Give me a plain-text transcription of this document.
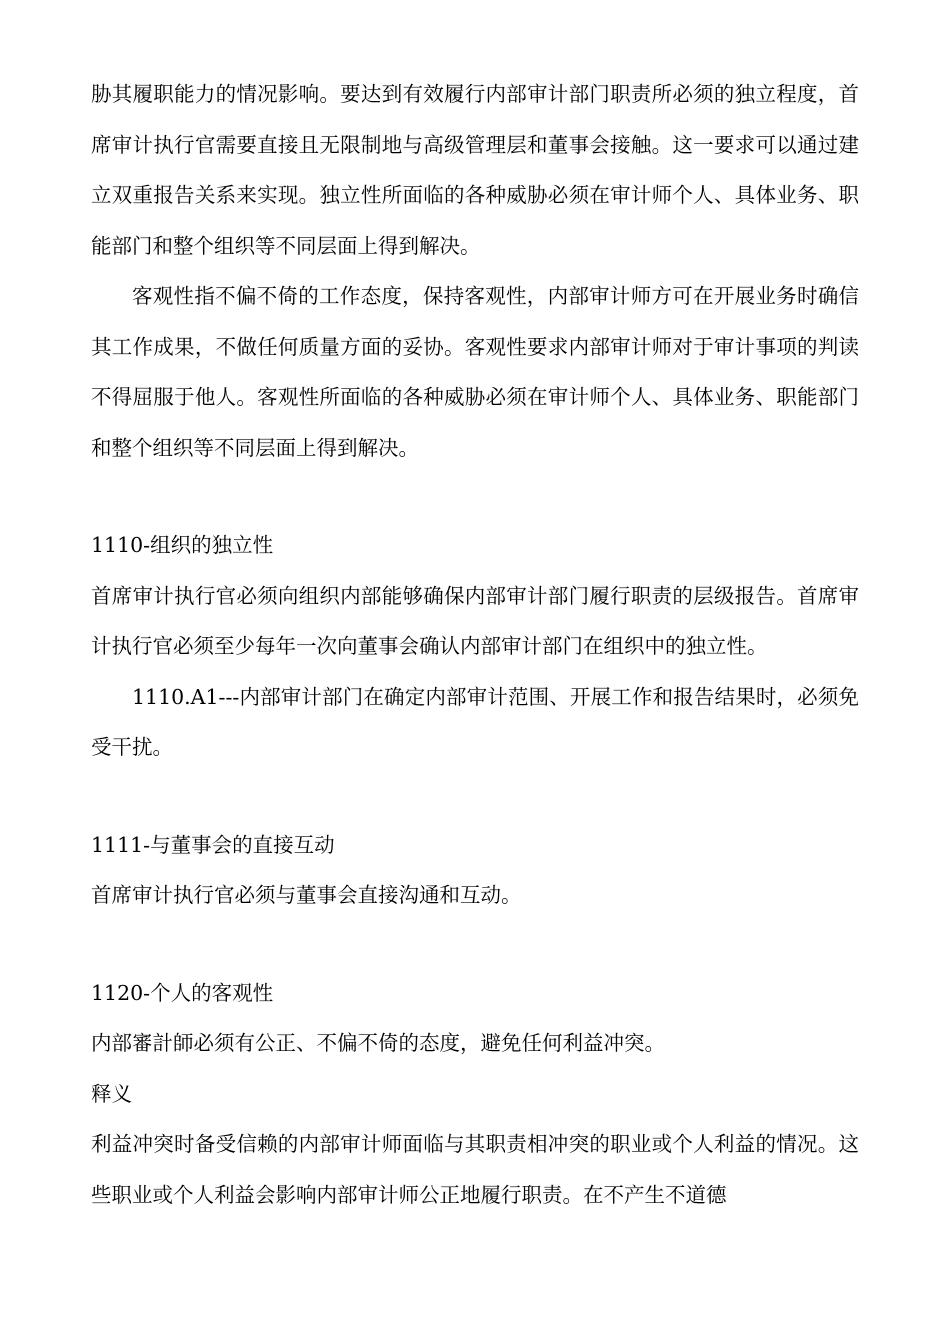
胁其履职能力的情况影响。要达到有效履行内部审计部门职责所必须的独立程度，首席审计执行官需要直接且无限制地与高级管理层和董事会接触。这一要求可以通过建立双重报告关系来实现。独立性所面临的各种威胁必须在审计师个人、具体业务、职能部门和整个组织等不同层面上得到解决。

客观性指不偏不倚的工作态度，保持客观性，内部审计师方可在开展业务时确信其工作成果，不做任何质量方面的妥协。客观性要求内部审计师对于审计事项的判读不得屈服于他人。客观性所面临的各种威胁必须在审计师个人、具体业务、职能部门和整个组织等不同层面上得到解决。

1110-组织的独立性

首席审计执行官必须向组织内部能够确保内部审计部门履行职责的层级报告。首席审计执行官必须至少每年一次向董事会确认内部审计部门在组织中的独立性。

1110.A1---内部审计部门在确定内部审计范围、开展工作和报告结果时，必须免受干扰。

1111-与董事会的直接互动

首席审计执行官必须与董事会直接沟通和互动。

1120-个人的客观性

内部審計師必须有公正、不偏不倚的态度，避免任何利益冲突。

释义

利益冲突时备受信赖的内部审计师面临与其职责相冲突的职业或个人利益的情况。这些职业或个人利益会影响内部审计师公正地履行职责。在不产生不道德
